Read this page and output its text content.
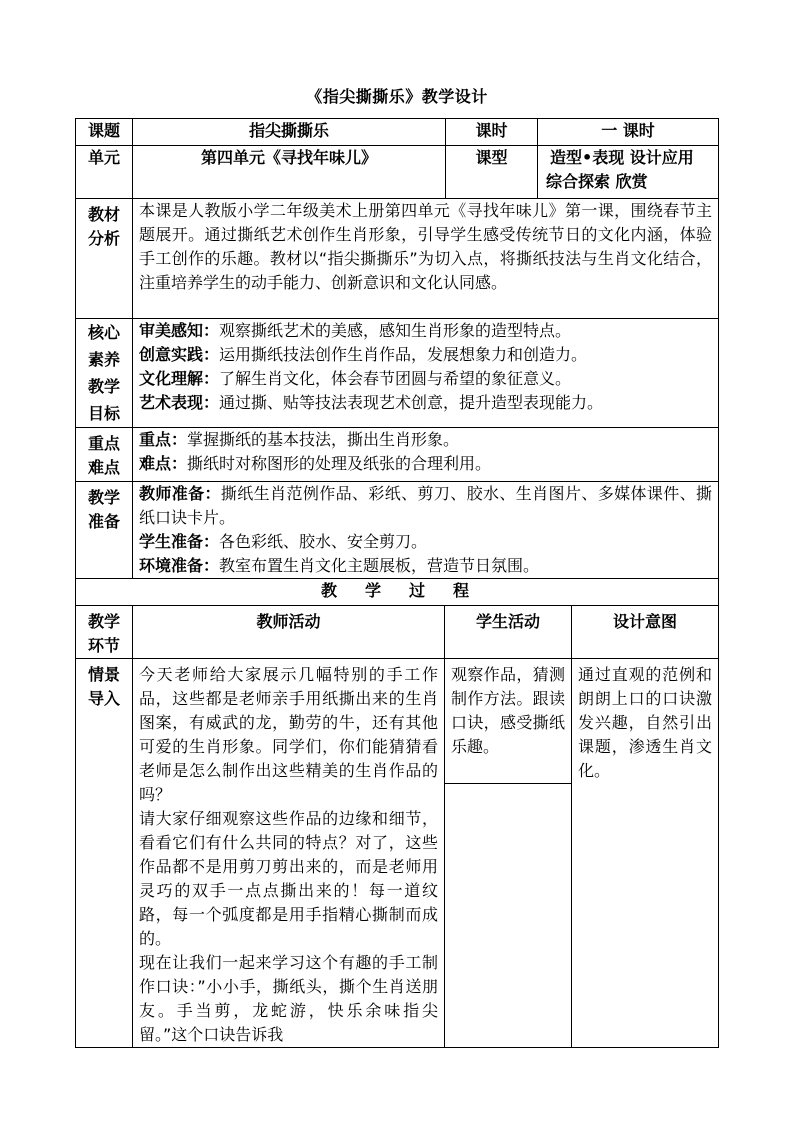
《指尖撕撕乐》教学设计
课题	指尖撕撕乐	课时	一 课时
单元	第四单元《寻找年味儿》	课型	造型•表现 设计应用
综合探索 欣赏

教材
分析	本课是人教版小学二年级美术上册第四单元《寻找年味儿》第一课，围绕春节主题展开。通过撕纸艺术创作生肖形象，引导学生感受传统节日的文化内涵，体验手工创作的乐趣。教材以“指尖撕撕乐”为切入点，将撕纸技法与生肖文化结合，注重培养学生的动手能力、创新意识和文化认同感。		

核心
素养
教学
目标	审美感知：观察撕纸艺术的美感，感知生肖形象的造型特点。
创意实践：运用撕纸技法创作生肖作品，发展想象力和创造力。
文化理解：了解生肖文化，体会春节团圆与希望的象征意义。
艺术表现：通过撕、贴等技法表现艺术创意，提升造型表现能力。		

重点
难点	重点：掌握撕纸的基本技法，撕出生肖形象。
难点：撕纸时对称图形的处理及纸张的合理利用。		

教学
准备	教师准备：撕纸生肖范例作品、彩纸、剪刀、胶水、生肖图片、多媒体课件、撕纸口诀卡片。
学生准备：各色彩纸、胶水、安全剪刀。
环境准备：教室布置生肖文化主题展板，营造节日氛围。		

教学过程			
教学
环节	教师活动	学生活动	设计意图

情景
导入	今天老师给大家展示几幅特别的手工作品，这些都是老师亲手用纸撕出来的生肖图案，有威武的龙，勤劳的牛，还有其他可爱的生肖形象。同学们，你们能猜猜看老师是怎么制作出这些精美的生肖作品的吗？
请大家仔细观察这些作品的边缘和细节，看看它们有什么共同的特点？对了，这些作品都不是用剪刀剪出来的，而是老师用灵巧的双手一点点撕出来的！每一道纹路，每一个弧度都是用手指精心撕制而成的。
现在让我们一起来学习这个有趣的手工制作口诀：”小小手，撕纸头，撕个生肖送朋友。手当剪，龙蛇游，快乐余味指尖留。”这个口诀告诉我	观察作品，猜测制作方法。跟读口诀，感受撕纸乐趣。	通过直观的范例和朗朗上口的口诀激发兴趣，自然引出课题，渗透生肖文化。
